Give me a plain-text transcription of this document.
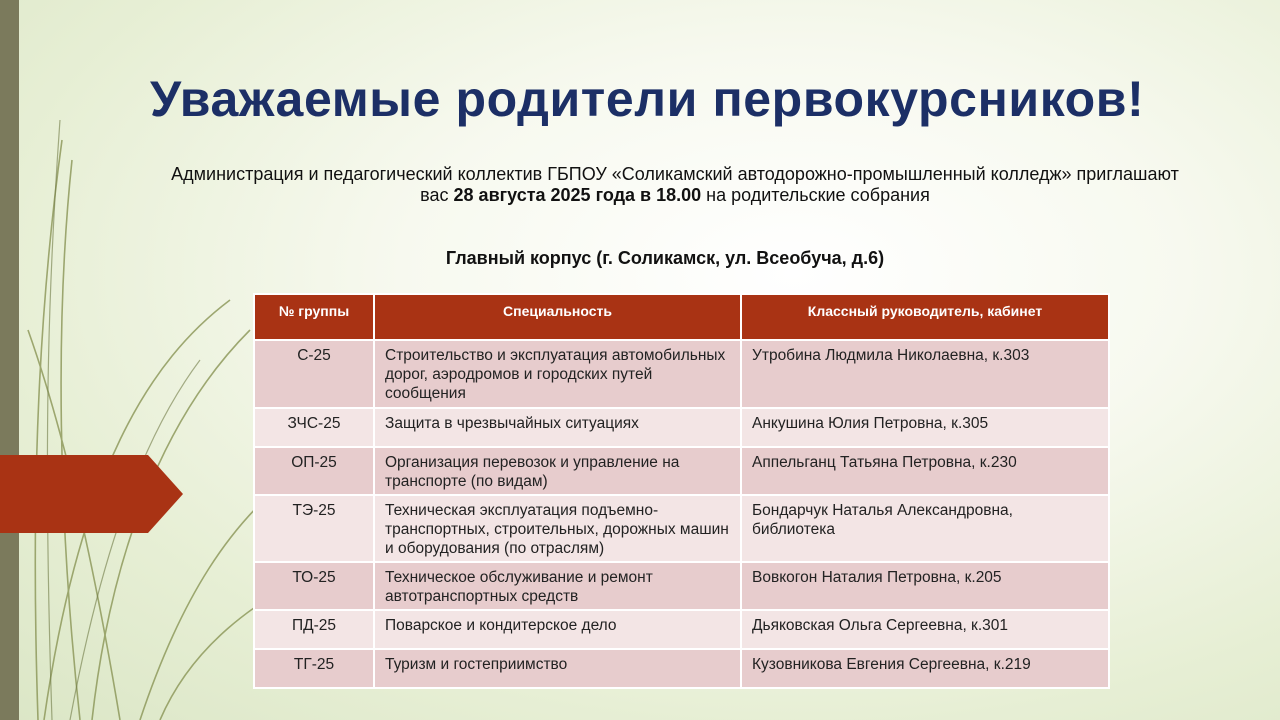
Уважаемые родители первокурсников!
Администрация и педагогический коллектив ГБПОУ «Соликамский автодорожно-промышленный колледж» приглашают вас 28 августа 2025 года в 18.00 на родительские собрания
Главный корпус (г. Соликамск, ул. Всеобуча, д.6)
№ группы	Специальность	Классный руководитель, кабинет
С-25	Строительство и эксплуатация автомобильных дорог, аэродромов и городских путей сообщения	Утробина Людмила Николаевна, к.303
ЗЧС-25	Защита в чрезвычайных ситуациях	Анкушина Юлия Петровна, к.305
ОП-25	Организация перевозок и управление на транспорте (по видам)	Аппельганц Татьяна Петровна, к.230
ТЭ-25	Техническая эксплуатация подъемно-транспортных, строительных, дорожных машин и оборудования (по отраслям)	Бондарчук Наталья Александровна, библиотека
ТО-25	Техническое обслуживание и ремонт автотранспортных средств	Вовкогон Наталия Петровна, к.205
ПД-25	Поварское и кондитерское дело	Дьяковская Ольга Сергеевна, к.301
ТГ-25	Туризм и гостеприимство	Кузовникова Евгения Сергеевна, к.219
